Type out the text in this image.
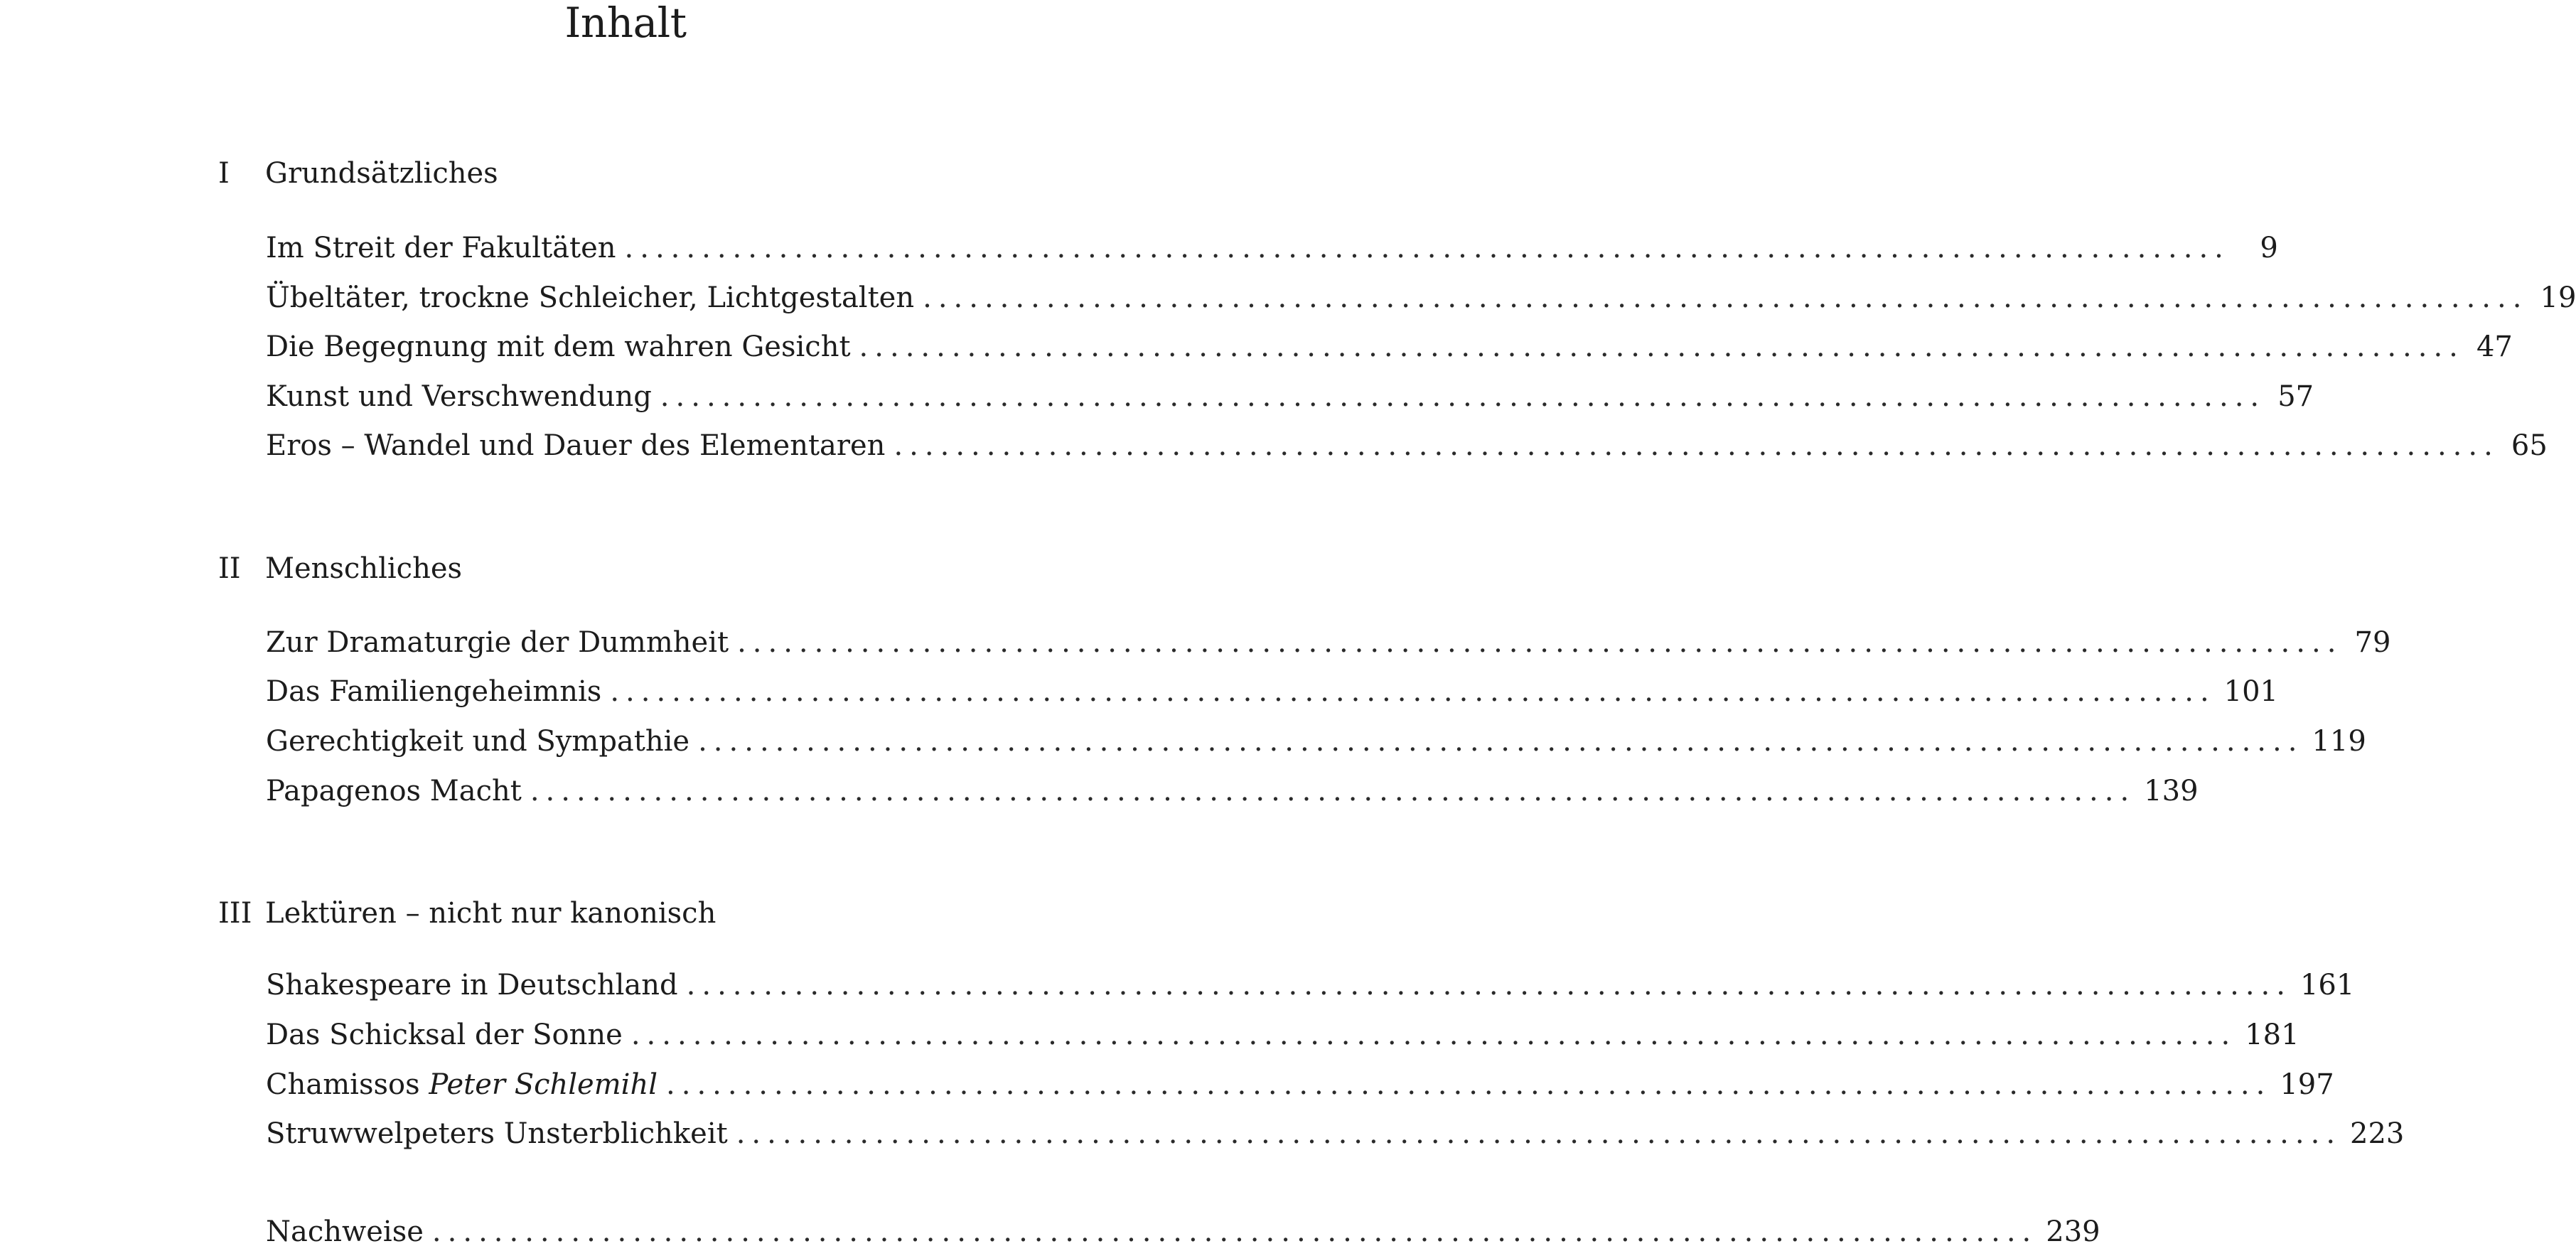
Inhalt
I Grundsätzliches
Im Streit der Fakultäten ........................................................................................................	9
Übeltäter, trockne Schleicher, Lichtgestalten ........................................................................................................ 19
Die Begegnung mit dem wahren Gesicht ........................................................................................................ 47
Kunst und Verschwendung ........................................................................................................ 57
Eros – Wandel und Dauer des Elementaren ........................................................................................................ 65
II Menschliches
Zur Dramaturgie der Dummheit ........................................................................................................ 79
Das Familiengeheimnis ........................................................................................................ 101
Gerechtigkeit und Sympathie ........................................................................................................ 119
Papagenos Macht ........................................................................................................ 139
III Lektüren – nicht nur kanonisch
Shakespeare in Deutschland ........................................................................................................ 161
Das Schicksal der Sonne ........................................................................................................ 181
Chamissos Peter Schlemihl ........................................................................................................ 197
Struwwelpeters Unsterblichkeit ........................................................................................................ 223
Nachweise ........................................................................................................ 239
